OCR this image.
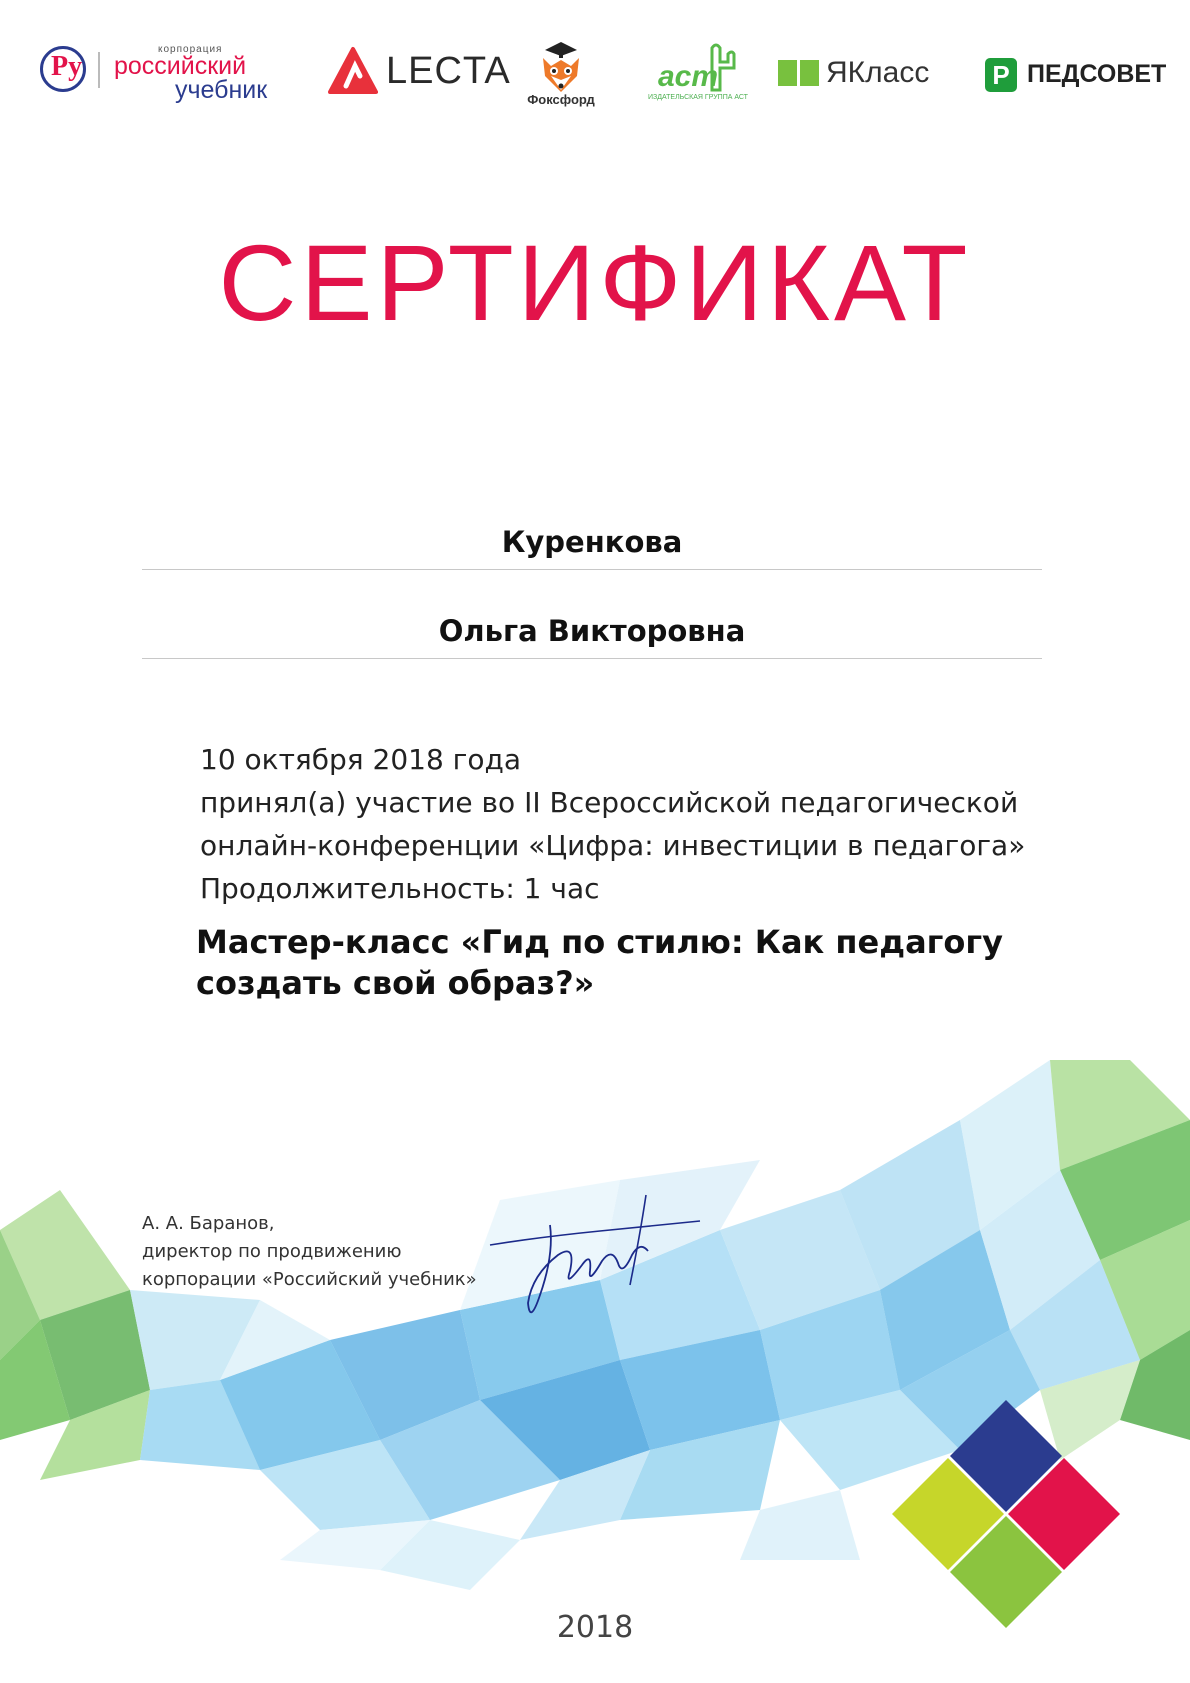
Ру
корпорация
российский
учебник	LECTA
Фоксфорд
аст
ИЗДАТЕЛЬСКАЯ ГРУППА АСТ
ЯКласс P ПЕДСОВЕТ
СЕРТИФИКАТ
Куренкова
Ольга Викторовна
10 октября 2018 года
принял(а) участие во II Всероссийской педагогической
онлайн-конференции «Цифра: инвестиции в педагога»
Продолжительность: 1 час
Мастер-класс «Гид по стилю: Как педагогу
создать свой образ?»
А. А. Баранов,
директор по продвижению
корпорации «Российский учебник»
2018
